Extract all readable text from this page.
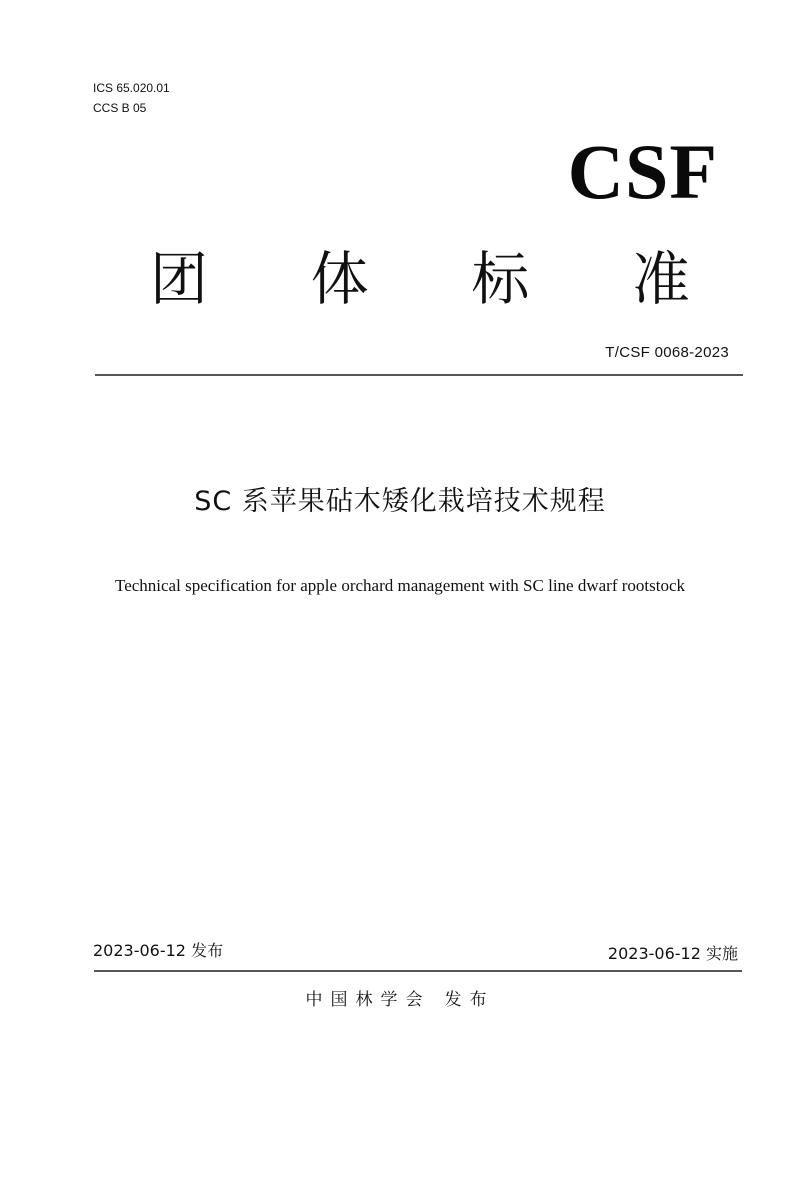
ICS 65.020.01
CCS B 05
CSF
团 体 标 准
T/CSF 0068-2023
SC 系苹果砧木矮化栽培技术规程
Technical specification for apple orchard management with SC line dwarf rootstock
2023-06-12 发布	2023-06-12 实施
中国林学会 发布
